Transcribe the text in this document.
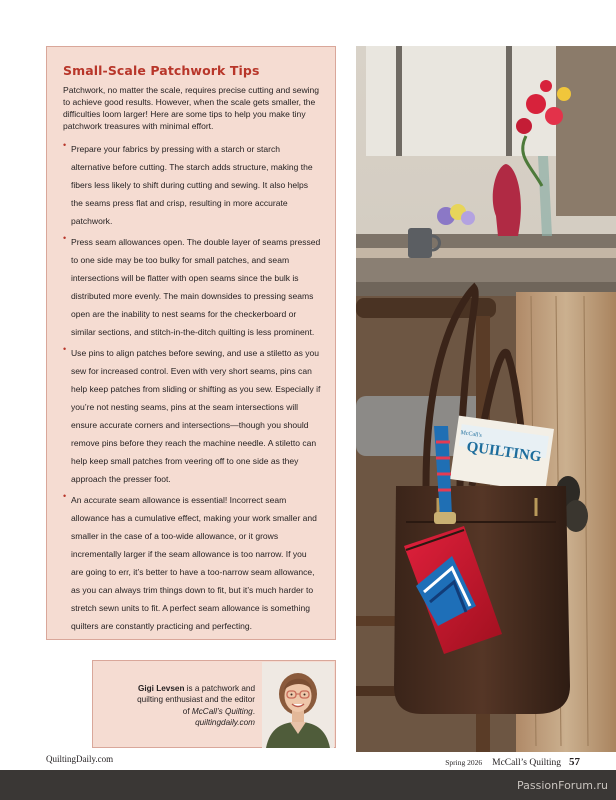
Small-Scale Patchwork Tips

Patchwork, no matter the scale, requires precise cutting and sewing to achieve good results. However, when the scale gets smaller, the difficulties loom larger! Here are some tips to help you make tiny patchwork treasures with minimal effort.

• Prepare your fabrics by pressing with a starch or starch alternative before cutting. The starch adds structure, making the fibers less likely to shift during cutting and sewing. It also helps the seams press flat and crisp, resulting in more accurate patchwork.
• Press seam allowances open. The double layer of seams pressed to one side may be too bulky for small patches, and seam intersections will be flatter with open seams since the bulk is distributed more evenly. The main downsides to pressing seams open are the inability to nest seams for the checkerboard or similar sections, and stitch-in-the-ditch quilting is less prominent.
• Use pins to align patches before sewing, and use a stiletto as you sew for increased control. Even with very short seams, pins can help keep patches from sliding or shifting as you sew. Especially if you’re not nesting seams, pins at the seam intersections will ensure accurate corners and intersections—though you should remove pins before they reach the machine needle. A stiletto can help keep small patches from veering off to one side as they approach the presser foot.
• An accurate seam allowance is essential! Incorrect seam allowance has a cumulative effect, making your work smaller and smaller in the case of a too-wide allowance, or it grows incrementally larger if the seam allowance is too narrow. If you are going to err, it’s better to have a too-narrow seam allowance, as you can always trim things down to fit, but it’s much harder to stretch sewn units to fit. A perfect seam allowance is something quilters are constantly practicing and perfecting.

Gigi Levsen is a patchwork and
quilting enthusiast and the editor
of McCall’s Quilting.
quiltingdaily.com

QUILTING
McCall's
QuiltingDaily.com	Spring 2026 McCall’s Quilting 57
PassionForum.ru
